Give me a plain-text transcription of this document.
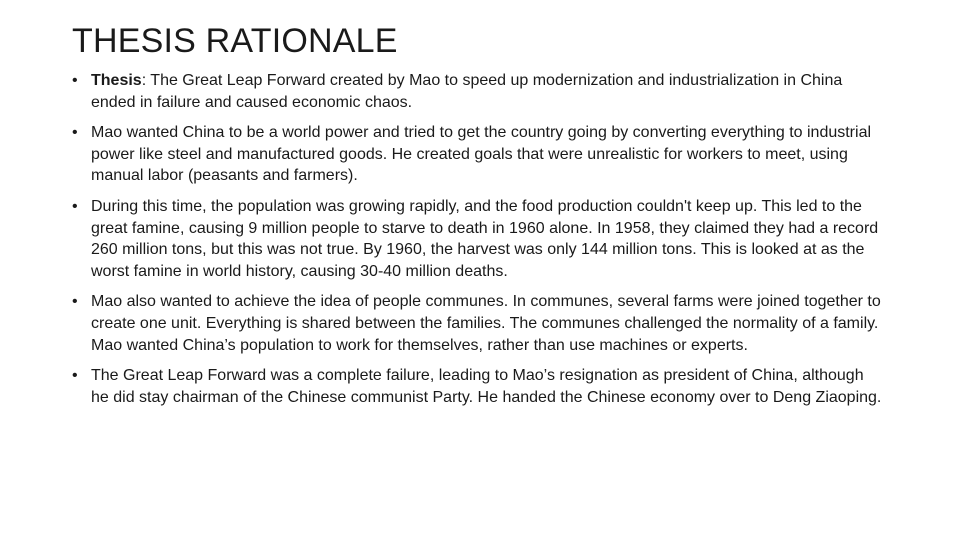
THESIS RATIONALE
• Thesis: The Great Leap Forward created by Mao to speed up modernization and industrialization in China ended in failure and caused economic chaos.
• Mao wanted China to be a world power and tried to get the country going by converting everything to industrial power like steel and manufactured goods. He created goals that were unrealistic for workers to meet, using manual labor (peasants and farmers).
• During this time, the population was growing rapidly, and the food production couldn't keep up. This led to the great famine, causing 9 million people to starve to death in 1960 alone. In 1958, they claimed they had a record 260 million tons, but this was not true. By 1960, the harvest was only 144 million tons. This is looked at as the worst famine in world history, causing 30-40 million deaths.
• Mao also wanted to achieve the idea of people communes. In communes, several farms were joined together to create one unit. Everything is shared between the families. The communes challenged the normality of a family. Mao wanted China’s population to work for themselves, rather than use machines or experts.
• The Great Leap Forward was a complete failure, leading to Mao’s resignation as president of China, although he did stay chairman of the Chinese communist Party. He handed the Chinese economy over to Deng Ziaoping.
